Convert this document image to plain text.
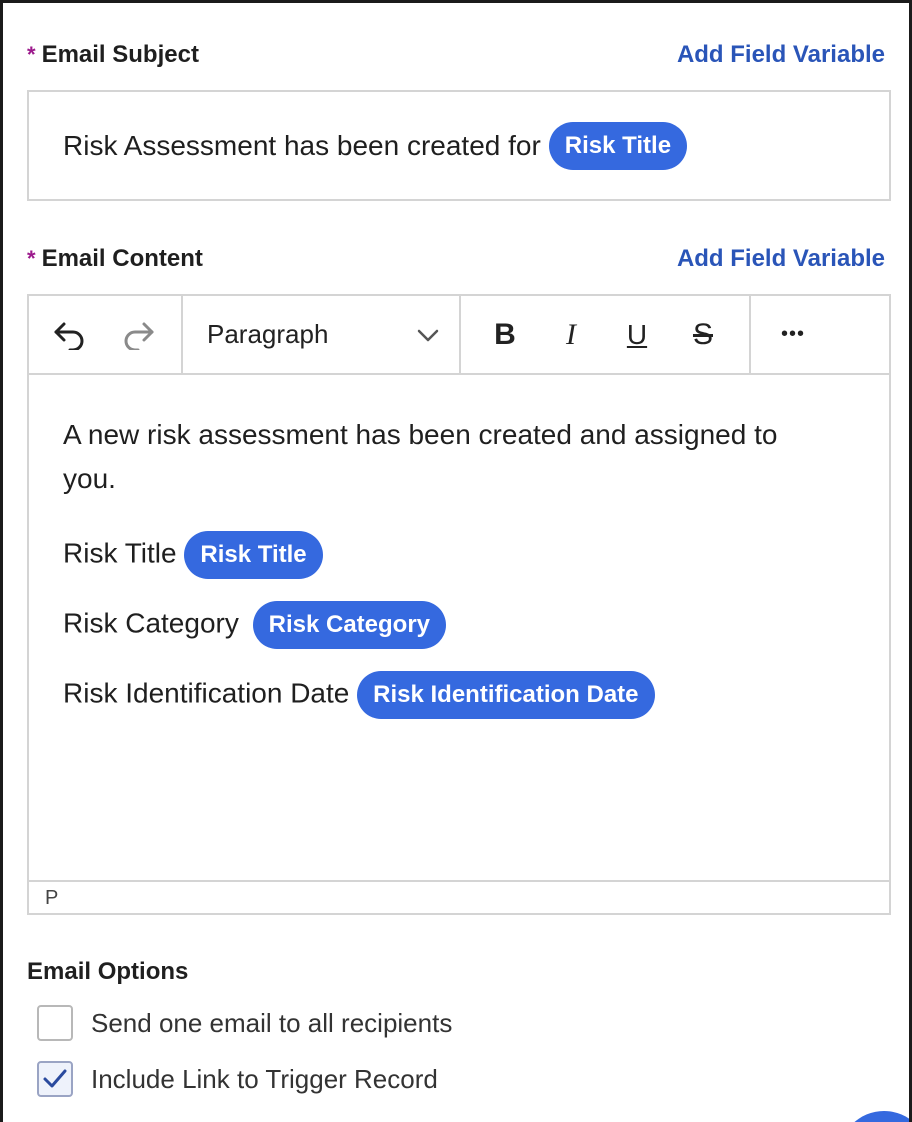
* Email Subject	Add Field Variable
Risk Assessment has been created for	Risk Title
* Email Content	Add Field Variable
Paragraph	B	I	U	S	•••

A new risk assessment has been created and assigned to you.

Risk Title Risk Title

Risk Category Risk Category

Risk Identification Date Risk Identification Date

P
Email Options
Send one email to all recipients
Include Link to Trigger Record
